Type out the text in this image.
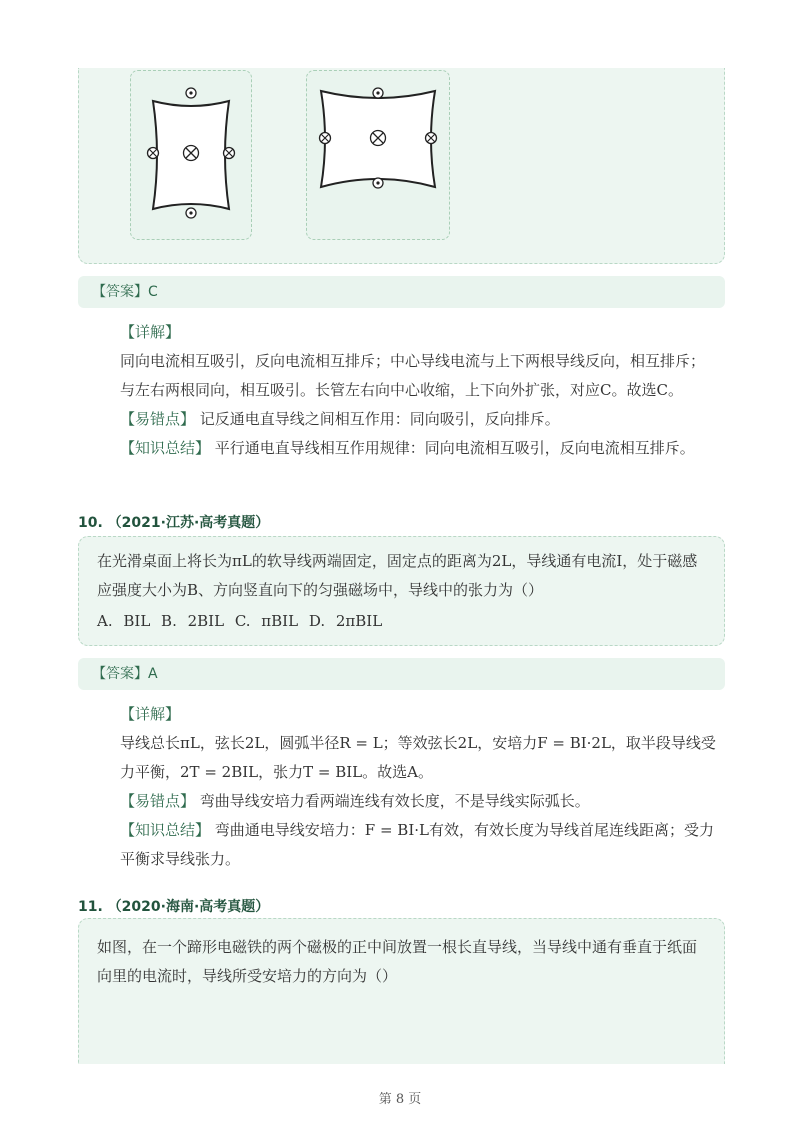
【答案】C
【详解】
同向电流相互吸引，反向电流相互排斥；中心导线电流与上下两根导线反向，相互排斥；与左右两根同向，相互吸引。长管左右向中心收缩，上下向外扩张，对应C。故选C。
【易错点】 记反通电直导线之间相互作用：同向吸引，反向排斥。
【知识总结】 平行通电直导线相互作用规律：同向电流相互吸引，反向电流相互排斥。
10. （2021·江苏·高考真题）
在光滑桌面上将长为πL的软导线两端固定，固定点的距离为2L，导线通有电流I，处于磁感应强度大小为B、方向竖直向下的匀强磁场中，导线中的张力为（）
A. BIL B. 2BIL C. πBIL D. 2πBIL
【答案】A
【详解】
导线总长πL，弦长2L，圆弧半径R = L；等效弦长2L，安培力F = BI·2L，取半段导线受力平衡，2T = 2BIL，张力T = BIL。故选A。
【易错点】 弯曲导线安培力看两端连线有效长度，不是导线实际弧长。
【知识总结】 弯曲通电导线安培力：F = BI·L有效，有效长度为导线首尾连线距离；受力平衡求导线张力。
11. （2020·海南·高考真题）
如图，在一个蹄形电磁铁的两个磁极的正中间放置一根长直导线，当导线中通有垂直于纸面向里的电流时，导线所受安培力的方向为（）
第 8 页
